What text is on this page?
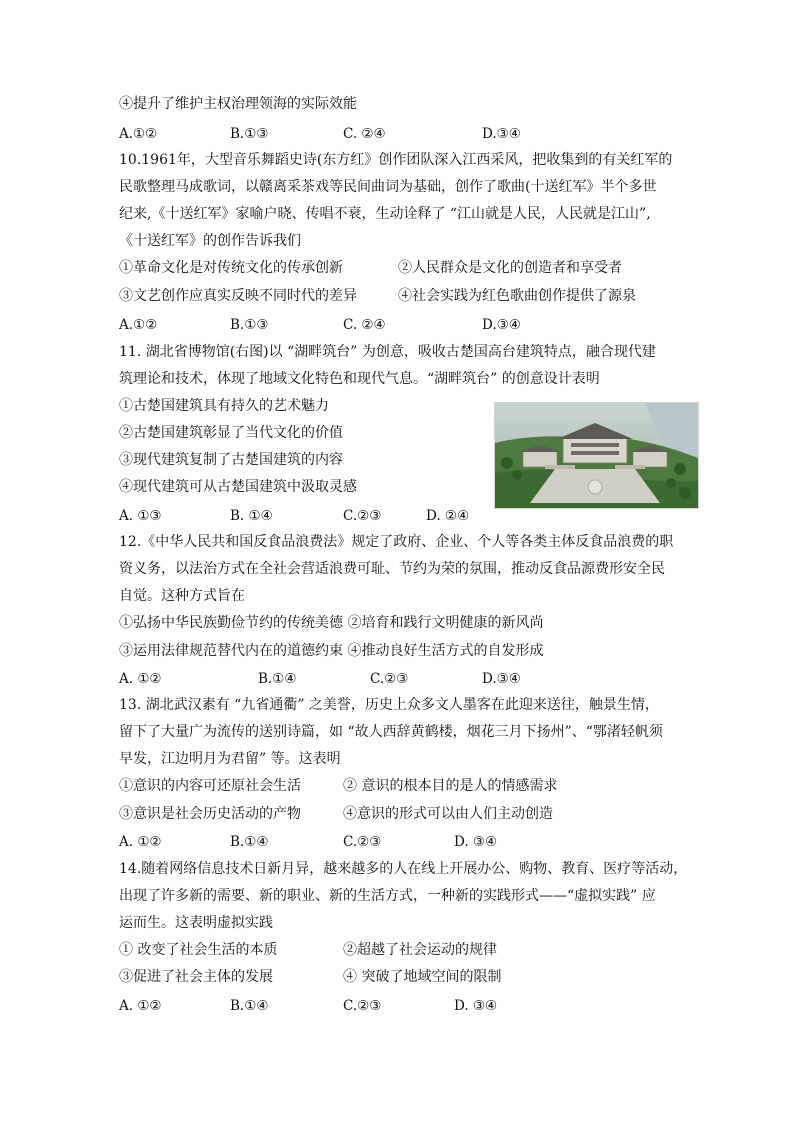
④提升了维护主权治理领海的实际效能
A.①②	B.①③	C. ②④	D.③④
10.1961年，大型音乐舞蹈史诗(东方红》创作团队深入江西采风，把收集到的有关红军的
民歌整理马成歌词，以赣离采茶戏等民间曲词为基础，创作了歌曲(十送红军》半个多世
纪来,《十送红军》家喻户晓、传唱不衰，生动诠释了 “江山就是人民，人民就是江山”,
《十送红军》的创作告诉我们
①革命文化是对传统文化的传承创新	②人民群众是文化的创造者和享受者
③文艺创作应真实反映不同时代的差异	④社会实践为红色歌曲创作提供了源泉
A.①②	B.①③	C. ②④	D.③④
11. 湖北省博物馆(右图)以 “湖畔筑台” 为创意，吸收古楚国高台建筑特点，融合现代建
筑理论和技术，体现了地域文化特色和现代气息。“湖畔筑台” 的创意设计表明
①古楚国建筑具有持久的艺术魅力
②古楚国建筑彰显了当代文化的价值
③现代建筑复制了古楚国建筑的内容
④现代建筑可从古楚国建筑中汲取灵感
A. ①③	B. ①④	C.②③	D. ②④
12.《中华人民共和国反食品浪费法》规定了政府、企业、个人等各类主体反食品浪费的职
资义务，以法治方式在全社会营适浪费可耻、节约为荣的氛围，推动反食品源费形安全民
自觉。这种方式旨在
①弘扬中华民族勤俭节约的传统美德 ②培育和践行文明健康的新风尚
③运用法律规范替代内在的道德约束 ④推动良好生活方式的自发形成
A. ①②	B.①④	C.②③	D.③④
13. 湖北武汉素有 “九省通衢” 之美誉，历史上众多文人墨客在此迎来送往，触景生情，
留下了大量广为流传的送别诗篇，如 “故人西辞黄鹤楼，烟花三月下扬州”、“鄂渚轻帆须
早发，江边明月为君留” 等。这表明
①意识的内容可还原社会生活	② 意识的根本目的是人的情感需求
③意识是社会历史活动的产物	④意识的形式可以由人们主动创造
A. ①②	B.①④	C.②③	D. ③④
14.随着网络信息技术日新月异，越来越多的人在线上开展办公、购物、教育、医疗等活动，
出现了许多新的需要、新的职业、新的生活方式，一种新的实践形式——“虚拟实践” 应
运而生。这表明虚拟实践
① 改变了社会生活的本质	②超越了社会运动的规律
③促进了社会主体的发展	④ 突破了地域空间的限制
A. ①②	B.①④	C.②③	D. ③④
